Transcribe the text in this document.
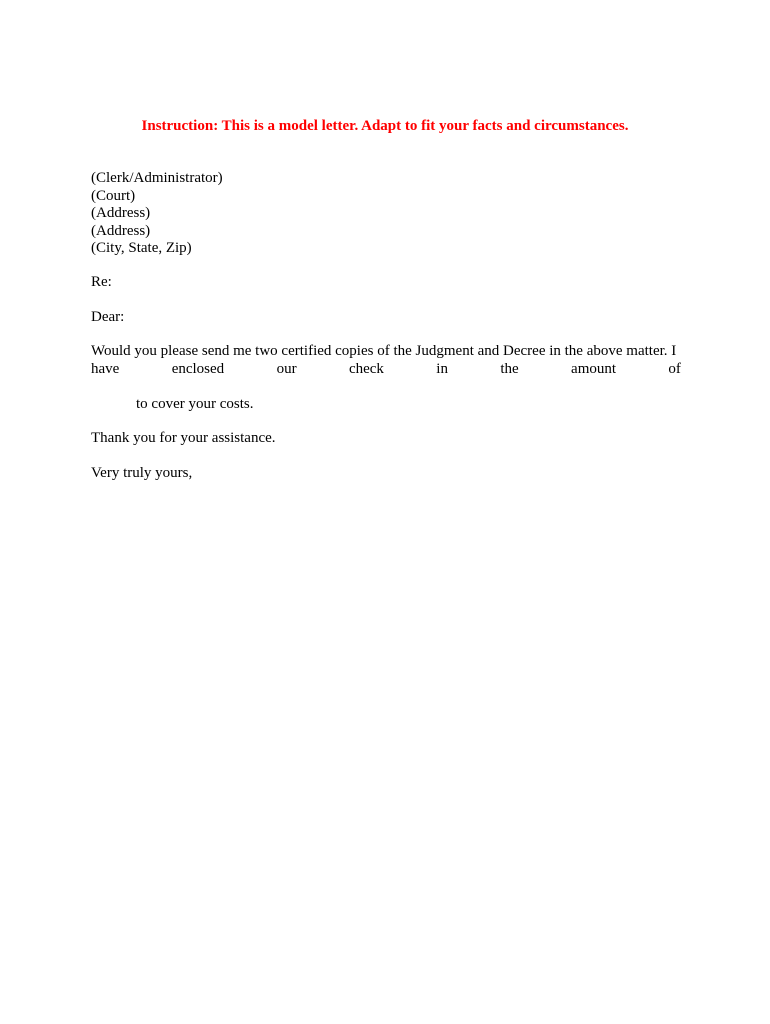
Instruction: This is a model letter. Adapt to fit your facts and circumstances.
(Clerk/Administrator)
(Court)
(Address)
(Address)
(City, State, Zip)
Re:
Dear:
Would you please send me two certified copies of the Judgment and Decree in the above matter. I
have	enclosed	our	check	in	the	amount	of
to cover your costs.
Thank you for your assistance.
Very truly yours,
